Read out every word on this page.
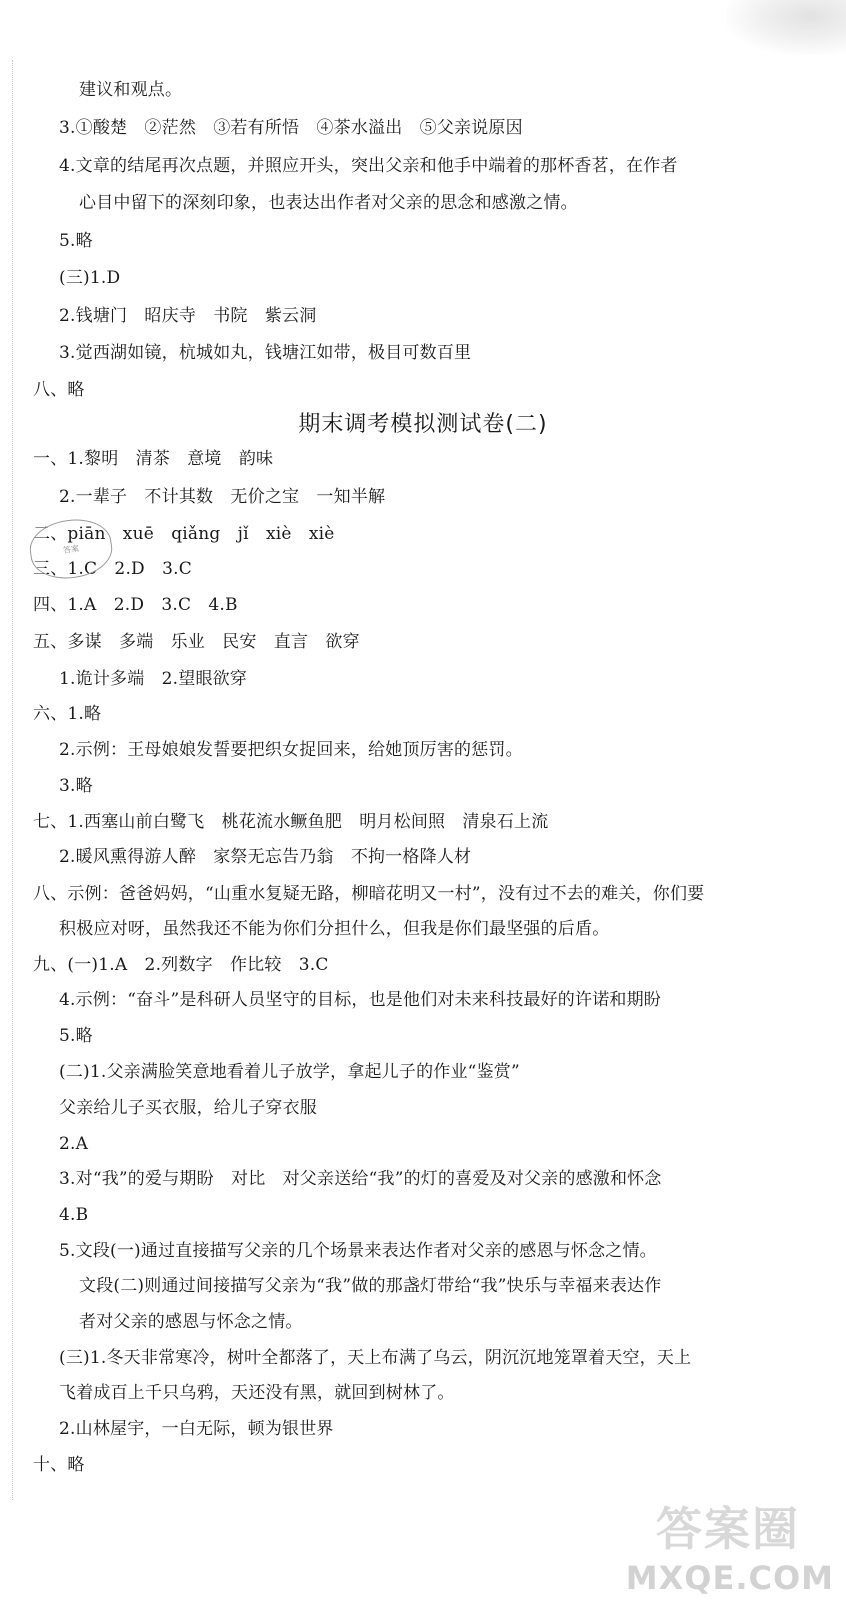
建议和观点。
3.①酸楚　②茫然　③若有所悟　④茶水溢出　⑤父亲说原因
4.文章的结尾再次点题，并照应开头，突出父亲和他手中端着的那杯香茗，在作者
心目中留下的深刻印象，也表达出作者对父亲的思念和感激之情。
5.略
(三)1.D
2.钱塘门　昭庆寺　书院　紫云洞
3.觉西湖如镜，杭城如丸，钱塘江如带，极目可数百里
八、略
期末调考模拟测试卷(二)
一、1.黎明　清茶　意境　韵味
2.一辈子　不计其数　无价之宝　一知半解
二、piān　xuē　qiǎng　jǐ　xiè　xiè
三、1.C　2.D　3.C
四、1.A　2.D　3.C　4.B
五、多谋　多端　乐业　民安　直言　欲穿
1.诡计多端　2.望眼欲穿
六、1.略
2.示例：王母娘娘发誓要把织女捉回来，给她顶厉害的惩罚。
3.略
七、1.西塞山前白鹭飞　桃花流水鳜鱼肥　明月松间照　清泉石上流
2.暖风熏得游人醉　家祭无忘告乃翁　不拘一格降人材
八、示例：爸爸妈妈，“山重水复疑无路，柳暗花明又一村”，没有过不去的难关，你们要
积极应对呀，虽然我还不能为你们分担什么，但我是你们最坚强的后盾。
九、(一)1.A　2.列数字　作比较　3.C
4.示例：“奋斗”是科研人员坚守的目标，也是他们对未来科技最好的许诺和期盼
5.略
(二)1.父亲满脸笑意地看着儿子放学，拿起儿子的作业“鉴赏”
父亲给儿子买衣服，给儿子穿衣服
2.A
3.对“我”的爱与期盼　对比　对父亲送给“我”的灯的喜爱及对父亲的感激和怀念
4.B
5.文段(一)通过直接描写父亲的几个场景来表达作者对父亲的感恩与怀念之情。
文段(二)则通过间接描写父亲为“我”做的那盏灯带给“我”快乐与幸福来表达作
者对父亲的感恩与怀念之情。
(三)1.冬天非常寒冷，树叶全都落了，天上布满了乌云，阴沉沉地笼罩着天空，天上
飞着成百上千只乌鸦，天还没有黑，就回到树林了。
2.山林屋宇，一白无际，顿为银世界
十、略
答案
答案圈
MXQE.COM
